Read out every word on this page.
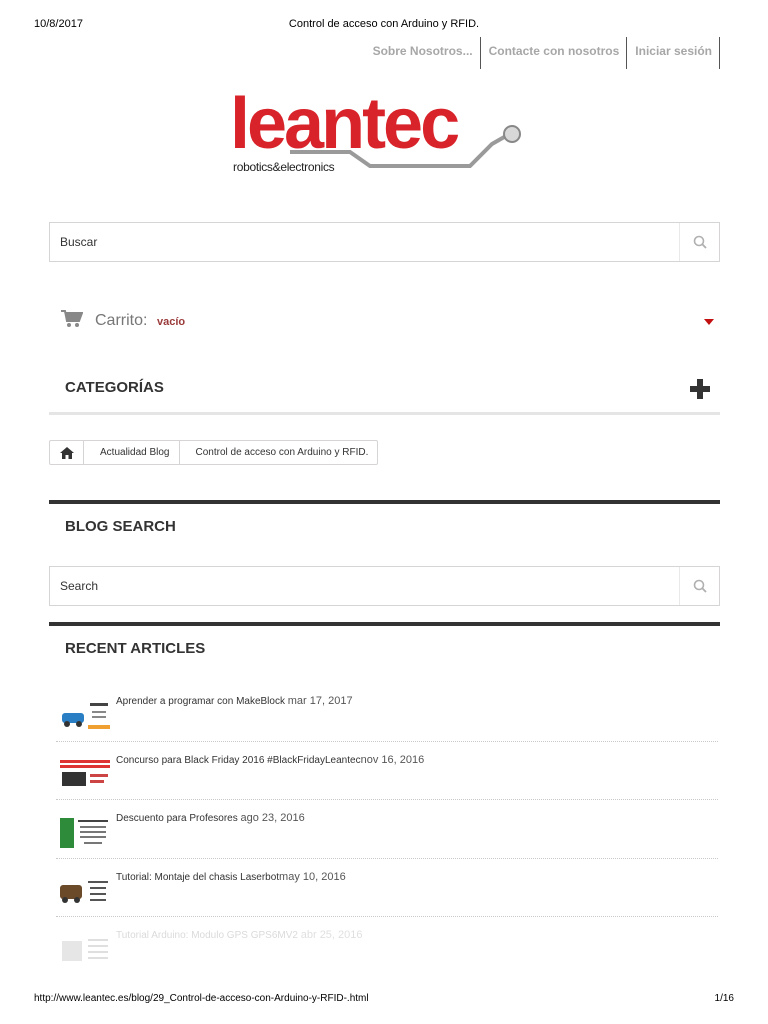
10/8/2017	Control de acceso con Arduino y RFID.
Sobre Nosotros...	Contacte con nosotros	Iniciar sesión
leantec
robotics&electronics
Buscar
Carrito: vacío
CATEGORÍAS
Actualidad Blog	Control de acceso con Arduino y RFID.
BLOG SEARCH
Search
RECENT ARTICLES
Aprender a programar con MakeBlock mar 17, 2017
Concurso para Black Friday 2016 #BlackFridayLeantecnov 16, 2016
Descuento para Profesores ago 23, 2016
Tutorial: Montaje del chasis Laserbotmay 10, 2016
Tutorial Arduino: Modulo GPS GPS6MV2 abr 25, 2016
http://www.leantec.es/blog/29_Control-de-acceso-con-Arduino-y-RFID-.html	1/16
